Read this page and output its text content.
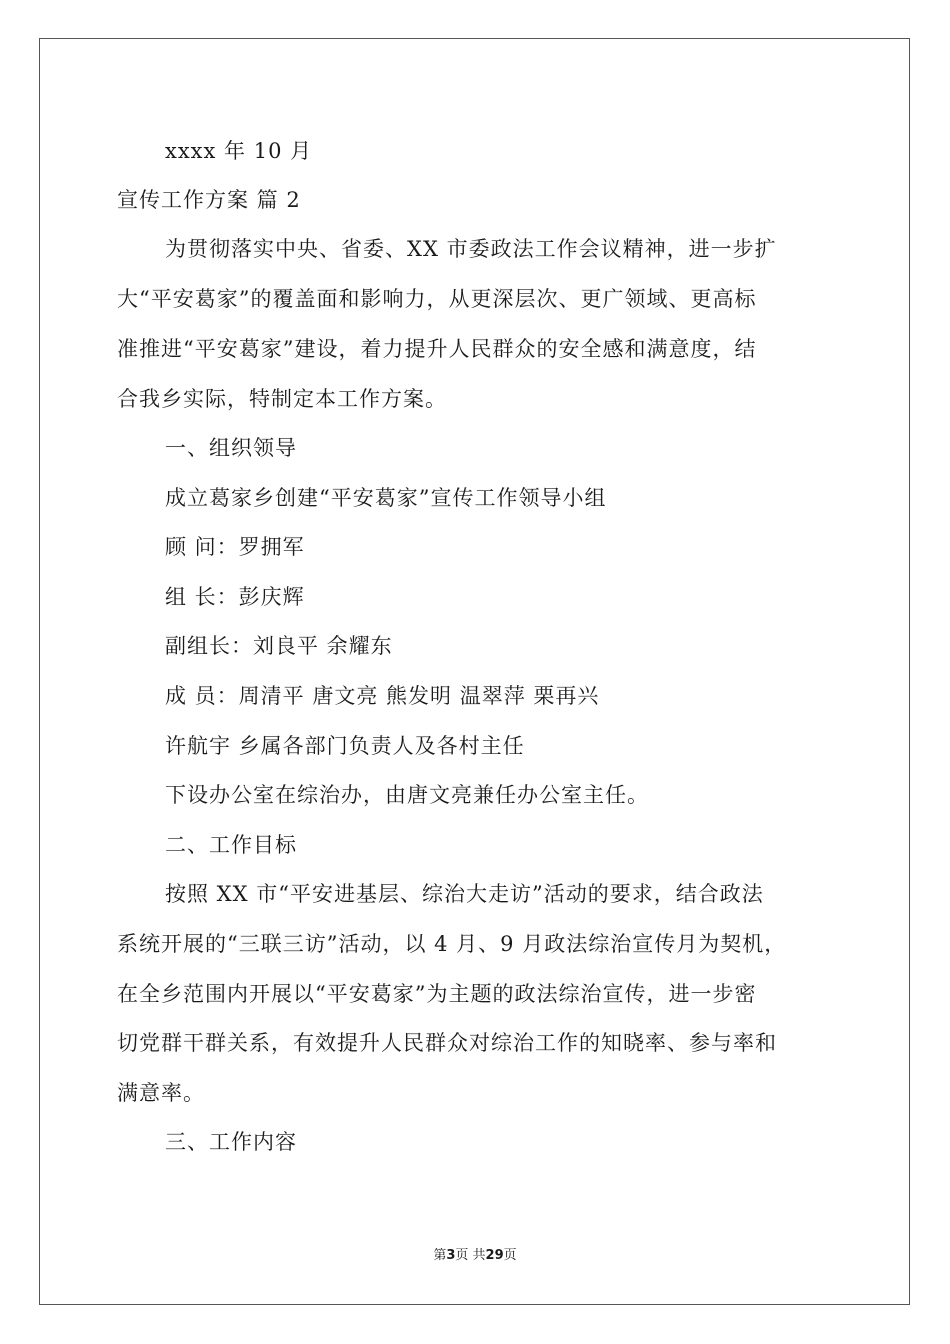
xxxx 年 10 月
宣传工作方案 篇 2
为贯彻落实中央、省委、XX 市委政法工作会议精神，进一步扩
大“平安葛家”的覆盖面和影响力，从更深层次、更广领域、更高标
准推进“平安葛家”建设，着力提升人民群众的安全感和满意度，结
合我乡实际，特制定本工作方案。
一、组织领导
成立葛家乡创建“平安葛家”宣传工作领导小组
顾 问：罗拥军
组 长：彭庆辉
副组长：刘良平 余耀东
成 员：周清平 唐文亮 熊发明 温翠萍 栗再兴
许航宇 乡属各部门负责人及各村主任
下设办公室在综治办，由唐文亮兼任办公室主任。
二、工作目标
按照 XX 市“平安进基层、综治大走访”活动的要求，结合政法
系统开展的“三联三访”活动，以 4 月、9 月政法综治宣传月为契机，
在全乡范围内开展以“平安葛家”为主题的政法综治宣传，进一步密
切党群干群关系，有效提升人民群众对综治工作的知晓率、参与率和
满意率。
三、工作内容
第3页 共29页
